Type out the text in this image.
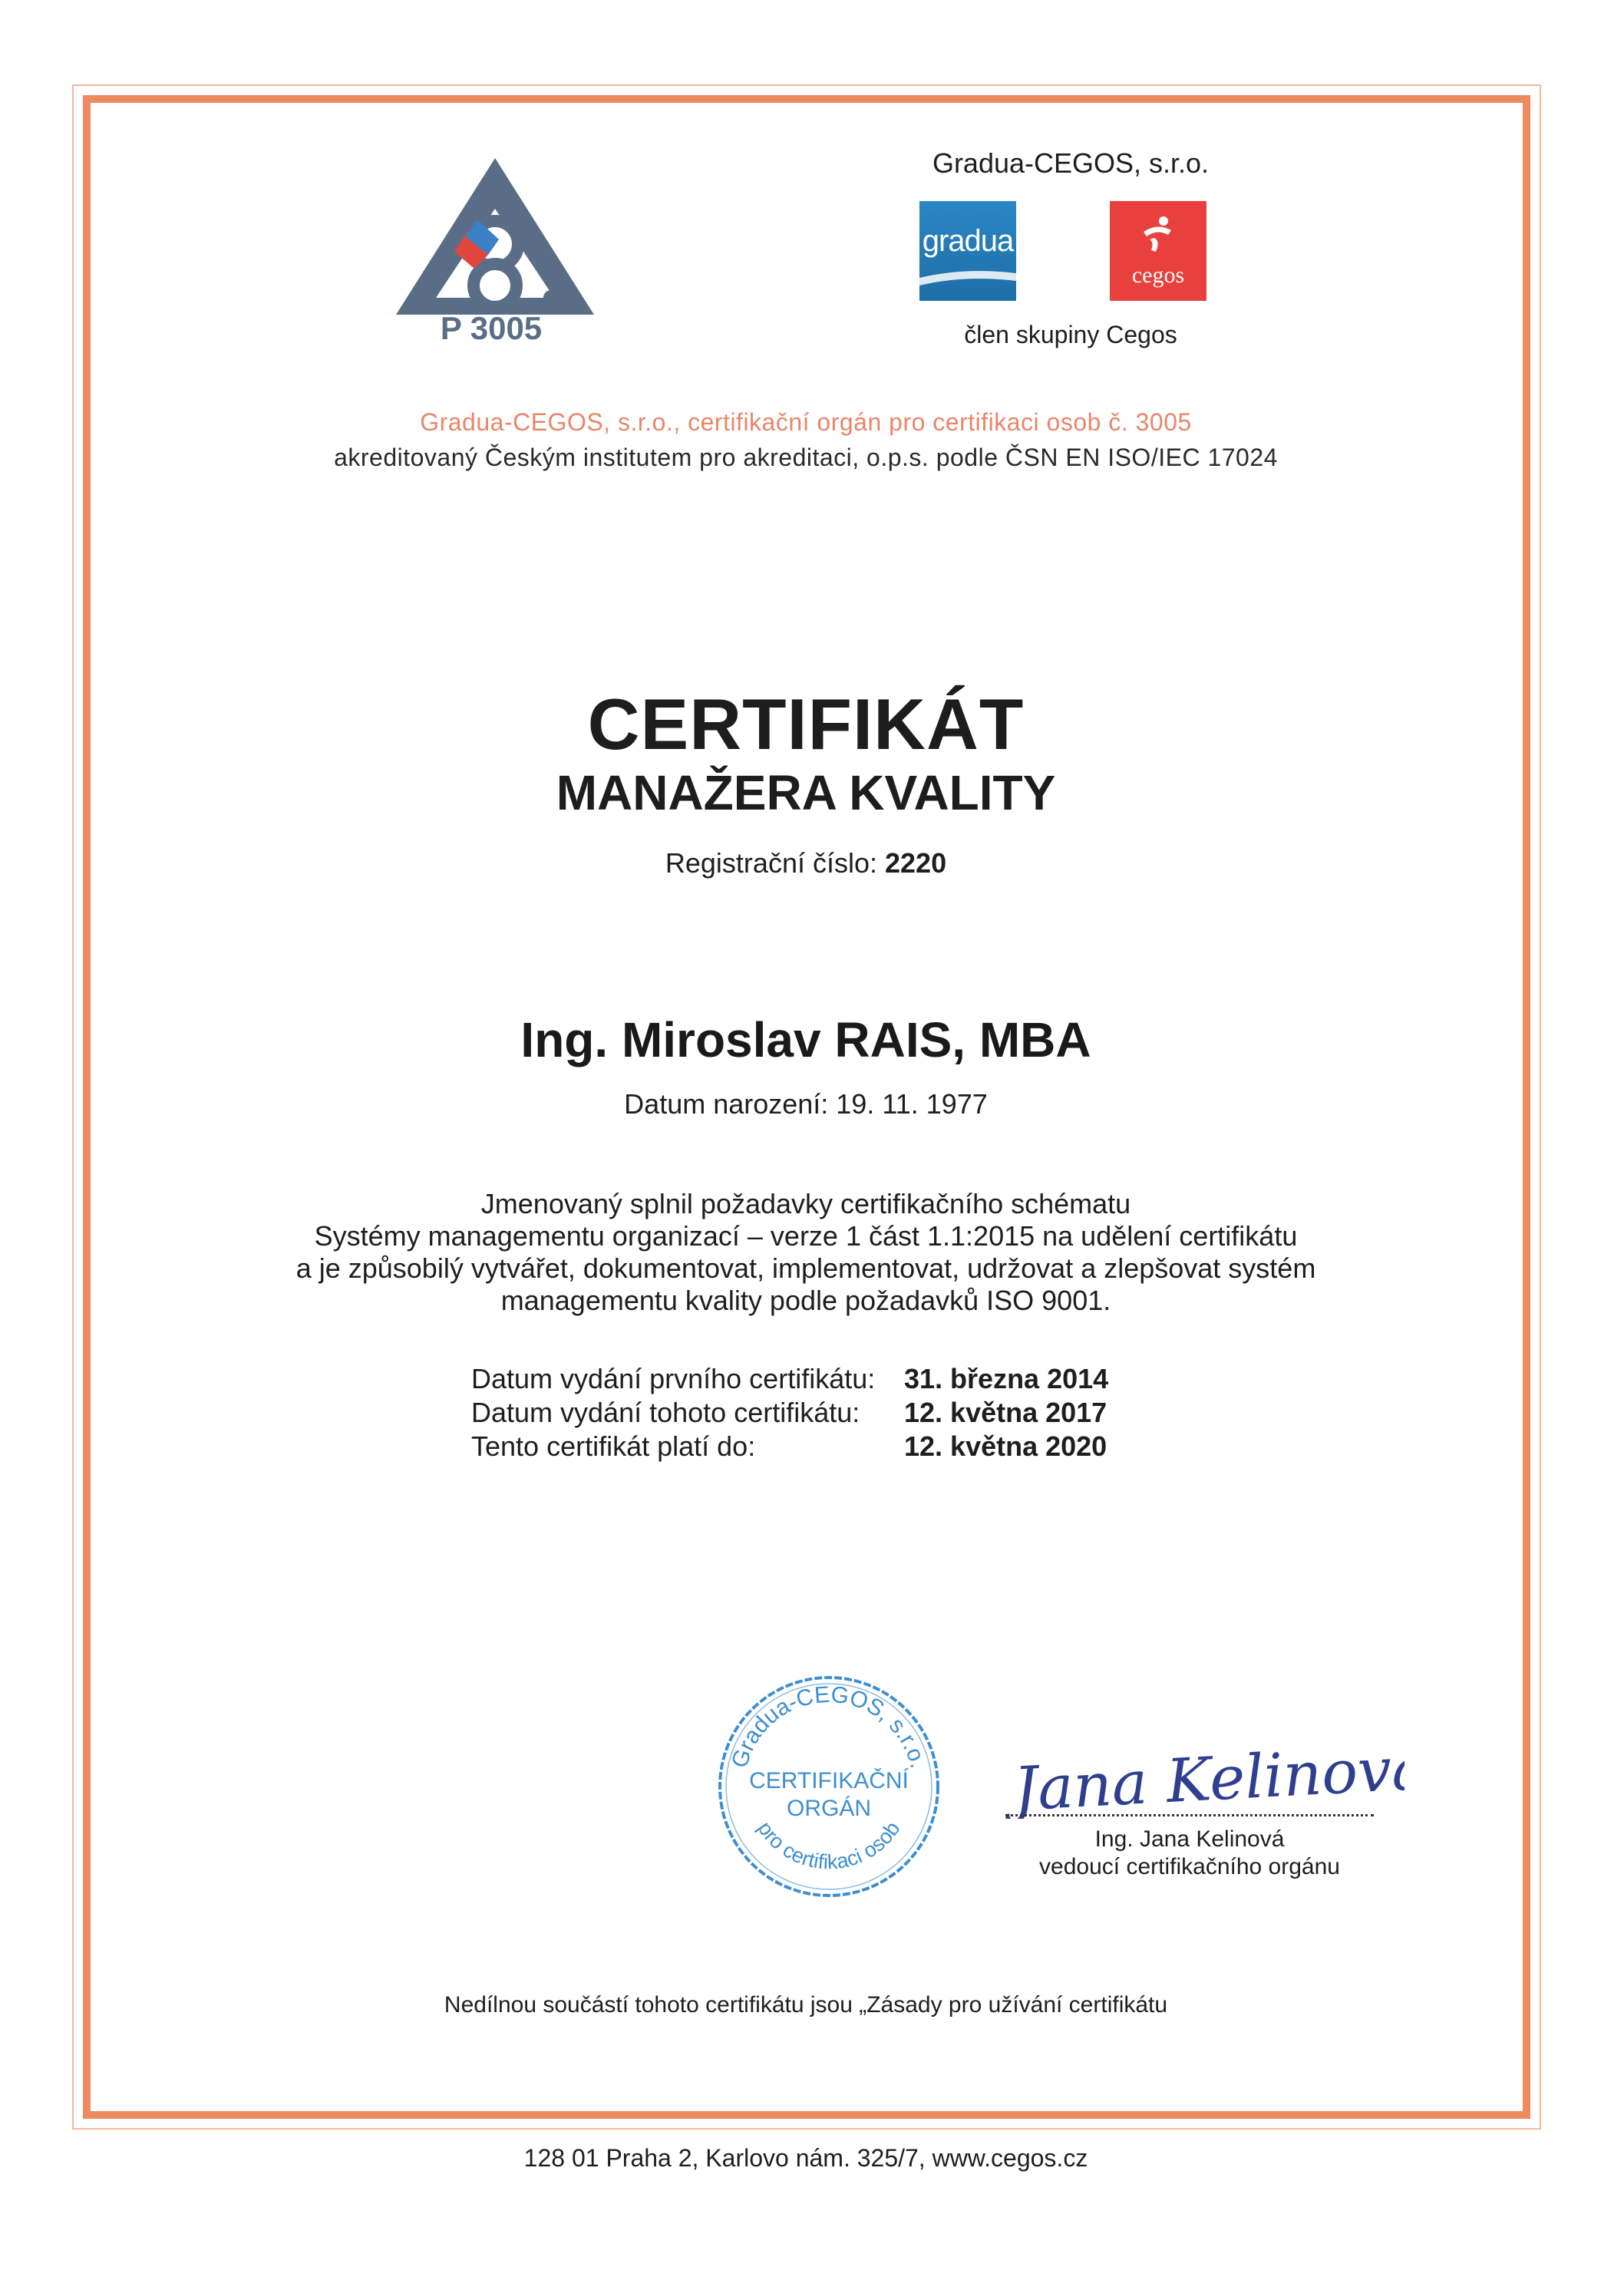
P 3005
Gradua-CEGOS, s.r.o.
gradua
cegos
člen skupiny Cegos
Gradua-CEGOS, s.r.o., certifikační orgán pro certifikaci osob č. 3005
akreditovaný Českým institutem pro akreditaci, o.p.s. podle ČSN EN ISO/IEC 17024
CERTIFIKÁT
MANAŽERA KVALITY
Registrační číslo: 2220
Ing. Miroslav RAIS, MBA
Datum narození: 19. 11. 1977
Jmenovaný splnil požadavky certifikačního schématu
Systémy managementu organizací – verze 1 část 1.1:2015 na udělení certifikátu
a je způsobilý vytvářet, dokumentovat, implementovat, udržovat a zlepšovat systém
managementu kvality podle požadavků ISO 9001.
Datum vydání prvního certifikátu: 31. března 2014
Datum vydání tohoto certifikátu: 12. května 2017
Tento certifikát platí do:	12. května 2020
Gradua-CEGOS, s.r.o.
pro certifikaci osob
CERTIFIKAČNÍ
ORGÁN Jana Kelinová
Ing. Jana Kelinová
vedoucí certifikačního orgánu
Nedílnou součástí tohoto certifikátu jsou „Zásady pro užívání certifikátu
128 01 Praha 2, Karlovo nám. 325/7, www.cegos.cz
